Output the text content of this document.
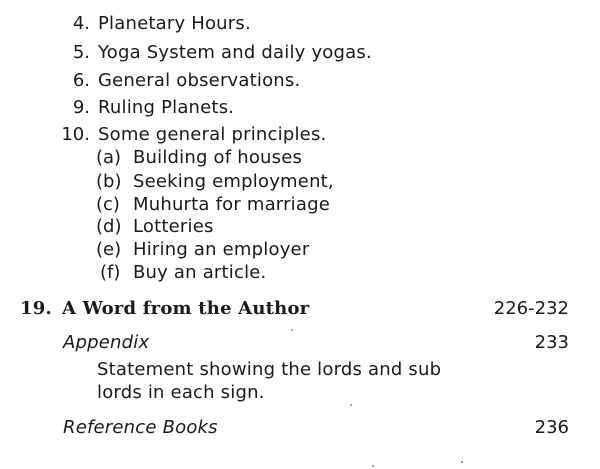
4. Planetary Hours.
5. Yoga System and daily yogas.
6. General observations.
9. Ruling Planets.
10. Some general principles.
(a) Building of houses
(b) Seeking employment,
(c) Muhurta for marriage
(d) Lotteries
(e) Hiring an employer
(f) Buy an article.
19. A Word from the Author	226-232
Appendix	233
Statement showing the lords and sub
lords in each sign.
Reference Books	236
